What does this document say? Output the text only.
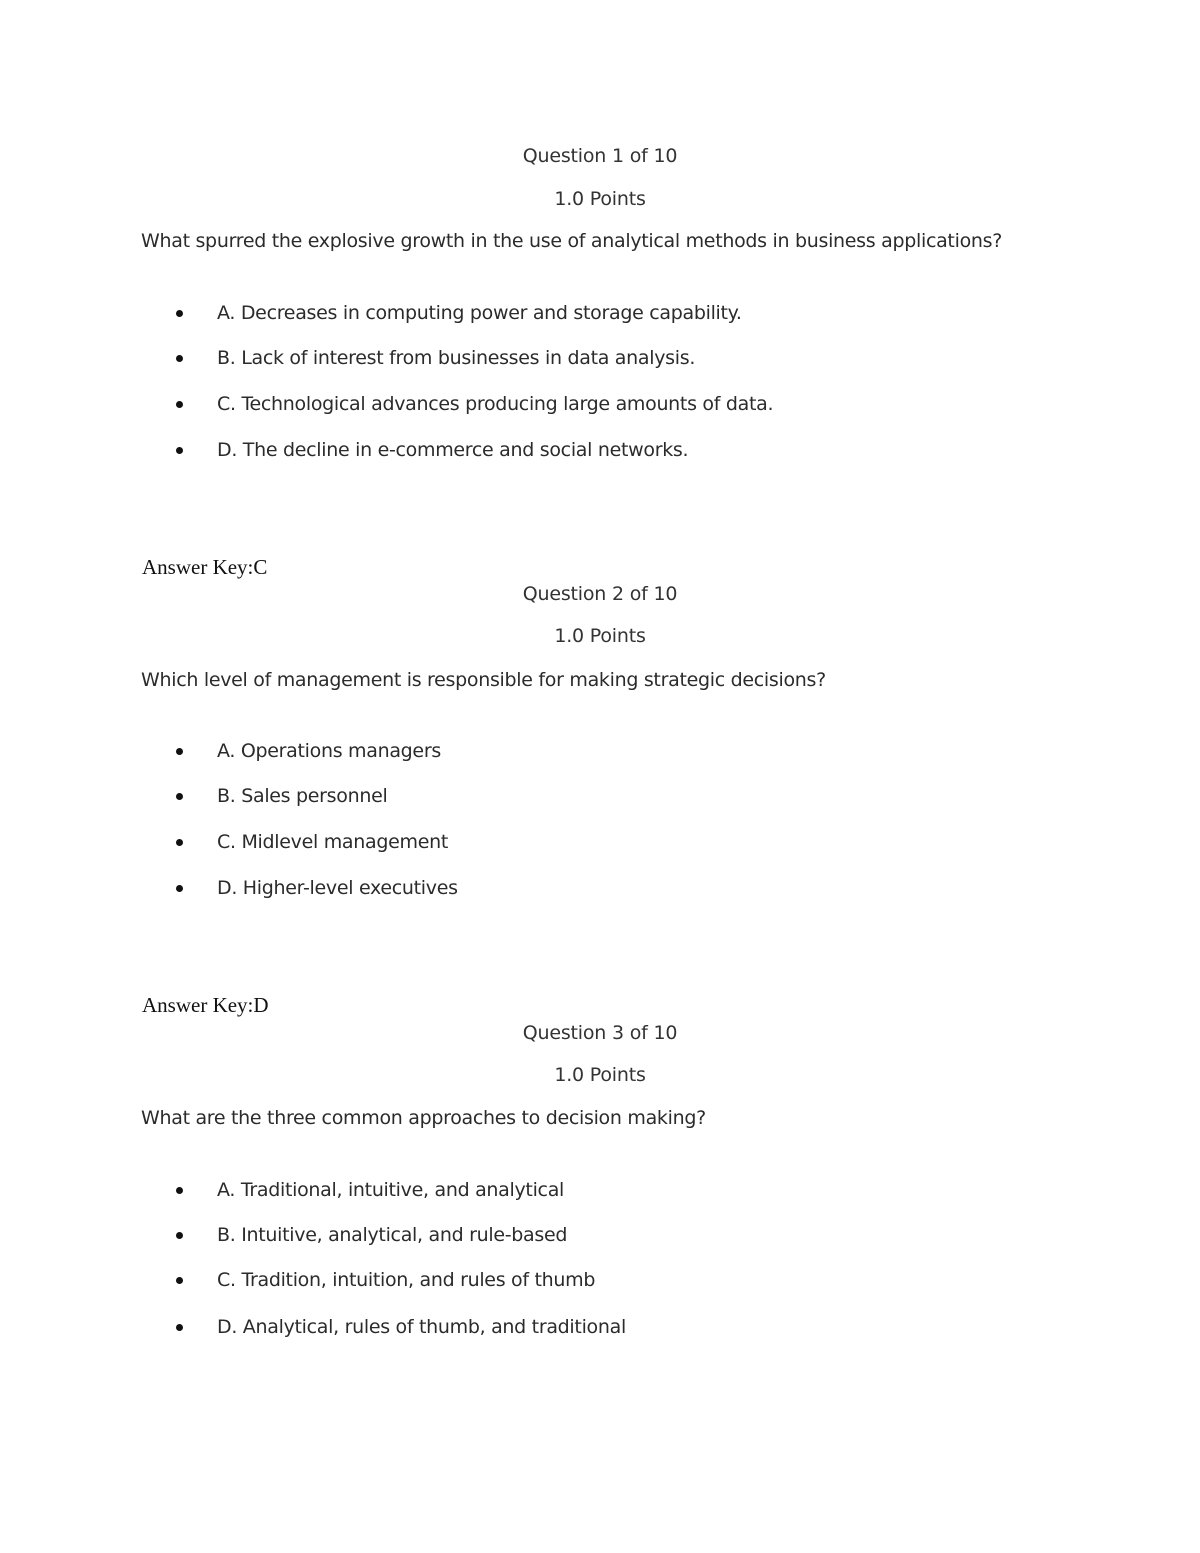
Question 1 of 10
1.0 Points
What spurred the explosive growth in the use of analytical methods in business applications?
A. Decreases in computing power and storage capability.
B. Lack of interest from businesses in data analysis.
C. Technological advances producing large amounts of data.
D. The decline in e-commerce and social networks.
Answer Key:C
Question 2 of 10
1.0 Points
Which level of management is responsible for making strategic decisions?
A. Operations managers
B. Sales personnel
C. Midlevel management
D. Higher-level executives
Answer Key:D
Question 3 of 10
1.0 Points
What are the three common approaches to decision making?
A. Traditional, intuitive, and analytical
B. Intuitive, analytical, and rule-based
C. Tradition, intuition, and rules of thumb
D. Analytical, rules of thumb, and traditional
